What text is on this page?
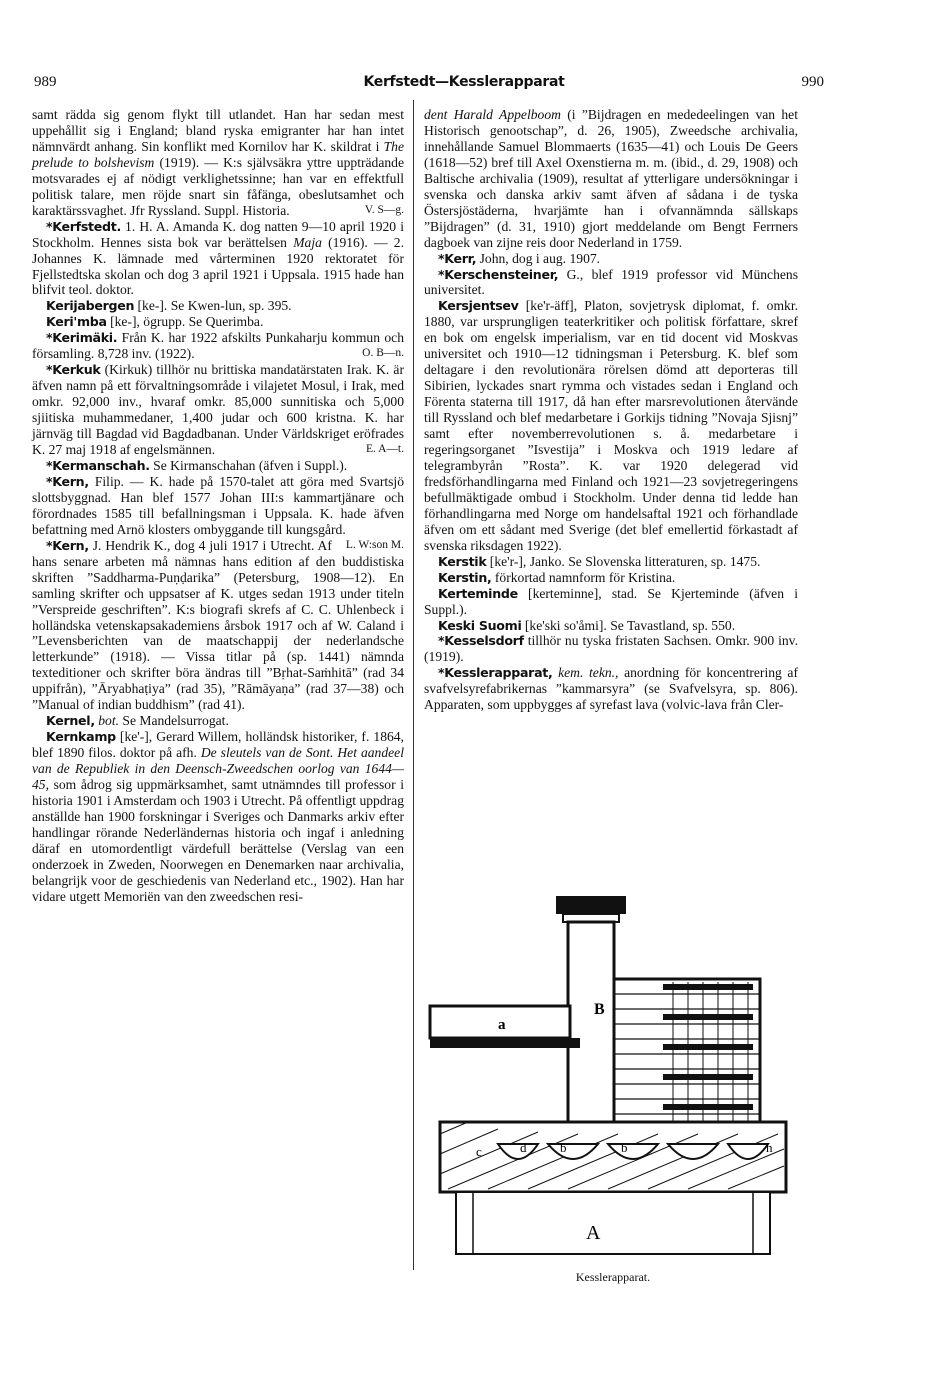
989	Kerfstedt—Kesslerapparat	990

samt rädda sig genom flykt till utlandet. Han har sedan mest uppehållit sig i England; bland ryska emigranter har han intet nämnvärdt anhang. Sin konflikt med Kornilov har K. skildrat i The prelude to bolshevism (1919). — K:s självsäkra yttre uppträdande motsvarades ej af nödigt verklighetssinne; han var en effektfull politisk talare, men röjde snart sin fåfänga, obeslutsamhet och karaktärssvaghet. Jfr Ryssland. Suppl. Historia.	V. S—g.

*Kerfstedt. 1. H. A. Amanda K. dog natten 9—10 april 1920 i Stockholm. Hennes sista bok var berättelsen Maja (1916). — 2. Johannes K. lämnade med vårterminen 1920 rektoratet för Fjellstedtska skolan och dog 3 april 1921 i Uppsala. 1915 hade han blifvit teol. doktor.

Kerijabergen [ke-]. Se Kwen-lun, sp. 395.

Keri'mba [ke-], ögrupp. Se Querimba.

*Kerimäki. Från K. har 1922 afskilts Punkaharju kommun och församling. 8,728 inv. (1922).	O. B—n.

*Kerkuk (Kirkuk) tillhör nu brittiska mandatärstaten Irak. K. är äfven namn på ett förvaltningsområde i vilajetet Mosul, i Irak, med omkr. 92,000 inv., hvaraf omkr. 85,000 sunnitiska och 5,000 sjiitiska muhammedaner, 1,400 judar och 600 kristna. K. har järnväg till Bagdad vid Bagdadbanan. Under Världskriget eröfrades K. 27 maj 1918 af engelsmännen.	E. A—t.

*Kermanschah. Se Kirmanschahan (äfven i Suppl.).

*Kern, Filip. — K. hade på 1570-talet att göra med Svartsjö slottsbyggnad. Han blef 1577 Johan III:s kammartjänare och förordnades 1585 till befallningsman i Uppsala. K. hade äfven befattning med Arnö klosters ombyggande till kungsgård.
L. W:son M.

*Kern, J. Hendrik K., dog 4 juli 1917 i Utrecht. Af hans senare arbeten må nämnas hans edition af den buddistiska skriften ”Saddharma-Puṇḍarika” (Petersburg, 1908—12). En samling skrifter och uppsatser af K. utges sedan 1913 under titeln ”Verspreide geschriften”. K:s biografi skrefs af C. C. Uhlenbeck i holländska vetenskapsakademiens årsbok 1917 och af W. Caland i ”Levensberichten van de maatschappij der nederlandsche letterkunde” (1918). — Vissa titlar på (sp. 1441) nämnda texteditioner och skrifter böra ändras till ”Bṛhat-Saṁhitā” (rad 34 uppifrån), ”Āryabhaṭiya” (rad 35), ”Rāmāyaṇa” (rad 37—38) och ”Manual of indian buddhism” (rad 41).

Kernel, bot. Se Mandelsurrogat.

Kernkamp [ke'-], Gerard Willem, holländsk historiker, f. 1864, blef 1890 filos. doktor på afh. De sleutels van de Sont. Het aandeel van de Republiek in den Deensch-Zweedschen oorlog van 1644—45, som ådrog sig uppmärksamhet, samt utnämndes till professor i historia 1901 i Amsterdam och 1903 i Utrecht. På offentligt uppdrag anställde han 1900 forskningar i Sveriges och Danmarks arkiv efter handlingar rörande Nederländernas historia och ingaf i anledning däraf en utomordentligt värdefull berättelse (Verslag van een onderzoek in Zweden, Noorwegen en Denemarken naar archivalia, belangrijk voor de geschiedenis van Nederland etc., 1902). Han har vidare utgett Memoriën van den zweedschen resi-

dent Harald Appelboom (i ”Bijdragen en mededeelingen van het Historisch genootschap”, d. 26, 1905), Zweedsche archivalia, innehållande Samuel Blommaerts (1635—41) och Louis De Geers (1618—52) bref till Axel Oxenstierna m. m. (ibid., d. 29, 1908) och Baltische archivalia (1909), resultat af ytterligare undersökningar i svenska och danska arkiv samt äfven af sådana i de tyska Östersjöstäderna, hvarjämte han i ofvannämnda sällskaps ”Bijdragen” (d. 31, 1910) gjort meddelande om Bengt Ferrners dagboek van zijne reis door Nederland in 1759.

*Kerr, John, dog i aug. 1907.

*Kerschensteiner, G., blef 1919 professor vid Münchens universitet.

Kersjentsev [ke'r-äff], Platon, sovjetrysk diplomat, f. omkr. 1880, var ursprungligen teaterkritiker och politisk författare, skref en bok om engelsk imperialism, var en tid docent vid Moskvas universitet och 1910—12 tidningsman i Petersburg. K. blef som deltagare i den revolutionära rörelsen dömd att deporteras till Sibirien, lyckades snart rymma och vistades sedan i England och Förenta staterna till 1917, då han efter marsrevolutionen återvände till Ryssland och blef medarbetare i Gorkijs tidning ”Novaja Sjisnj” samt efter novemberrevolutionen s. å. medarbetare i regeringsorganet ”Isvestija” i Moskva och 1919 ledare af telegrambyrån ”Rosta”. K. var 1920 delegerad vid fredsförhandlingarna med Finland och 1921—23 sovjetregeringens befullmäktigade ombud i Stockholm. Under denna tid ledde han förhandlingarna med Norge om handelsaftal 1921 och förhandlade äfven om ett sådant med Sverige (det blef emellertid förkastadt af svenska riksdagen 1922).

Kerstik [ke'r-], Janko. Se Slovenska litteraturen, sp. 1475.

Kerstin, förkortad namnform för Kristina.

Kerteminde [kerteminne], stad. Se Kjerteminde (äfven i Suppl.).

Keski Suomi [ke'ski so'åmi]. Se Tavastland, sp. 550.

*Kesselsdorf tillhör nu tyska fristaten Sachsen. Omkr. 900 inv. (1919).

*Kesslerapparat, kem. tekn., anordning för koncentrering af svafvelsyrefabrikernas ”kammarsyra” (se Svafvelsyra, sp. 806). Apparaten, som uppbygges af syrefast lava (volvic-lava från Cler-

a
B
c	d	b	b	h
A
Kesslerapparat.
